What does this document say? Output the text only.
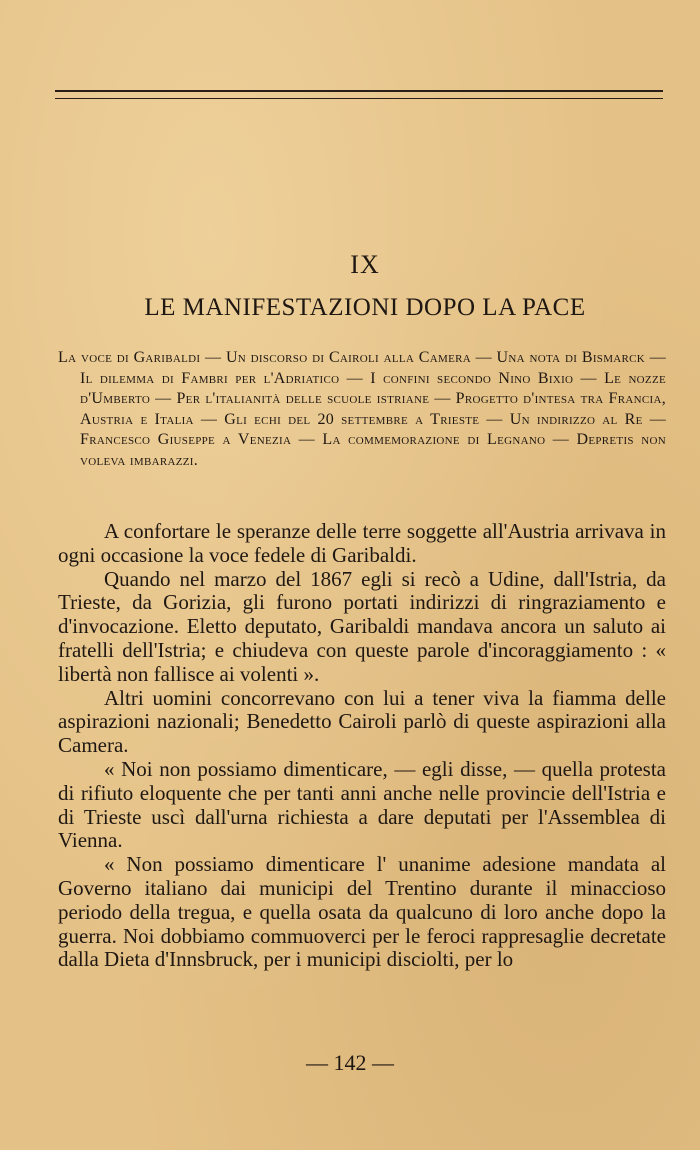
IX
LE MANIFESTAZIONI DOPO LA PACE
La voce di Garibaldi — Un discorso di Cairoli alla Camera — Una nota di Bismarck — Il dilemma di Fambri per l'Adriatico — I confini secondo Nino Bixio — Le nozze d'Umberto — Per l'italianità delle scuole istriane — Progetto d'intesa tra Francia, Austria e Italia — Gli echi del 20 settembre a Trieste — Un indirizzo al Re — Francesco Giuseppe a Venezia — La commemorazione di Legnano — Depretis non voleva imbarazzi.

A confortare le speranze delle terre soggette all'Austria arrivava in ogni occasione la voce fedele di Garibaldi.

Quando nel marzo del 1867 egli si recò a Udine, dall'Istria, da Trieste, da Gorizia, gli furono portati indirizzi di ringraziamento e d'invocazione. Eletto deputato, Garibaldi mandava ancora un saluto ai fratelli dell'Istria; e chiudeva con queste parole d'incoraggiamento : « libertà non fallisce ai volenti ».

Altri uomini concorrevano con lui a tener viva la fiamma delle aspirazioni nazionali; Benedetto Cairoli parlò di queste aspirazioni alla Camera.

« Noi non possiamo dimenticare, — egli disse, — quella protesta di rifiuto eloquente che per tanti anni anche nelle provincie dell'Istria e di Trieste uscì dall'urna richiesta a dare deputati per l'Assemblea di Vienna.

« Non possiamo dimenticare l' unanime adesione mandata al Governo italiano dai municipi del Trentino durante il minaccioso periodo della tregua, e quella osata da qualcuno di loro anche dopo la guerra. Noi dobbiamo commuoverci per le feroci rappresaglie decretate dalla Dieta d'Innsbruck, per i municipi disciolti, per lo

— 142 —
